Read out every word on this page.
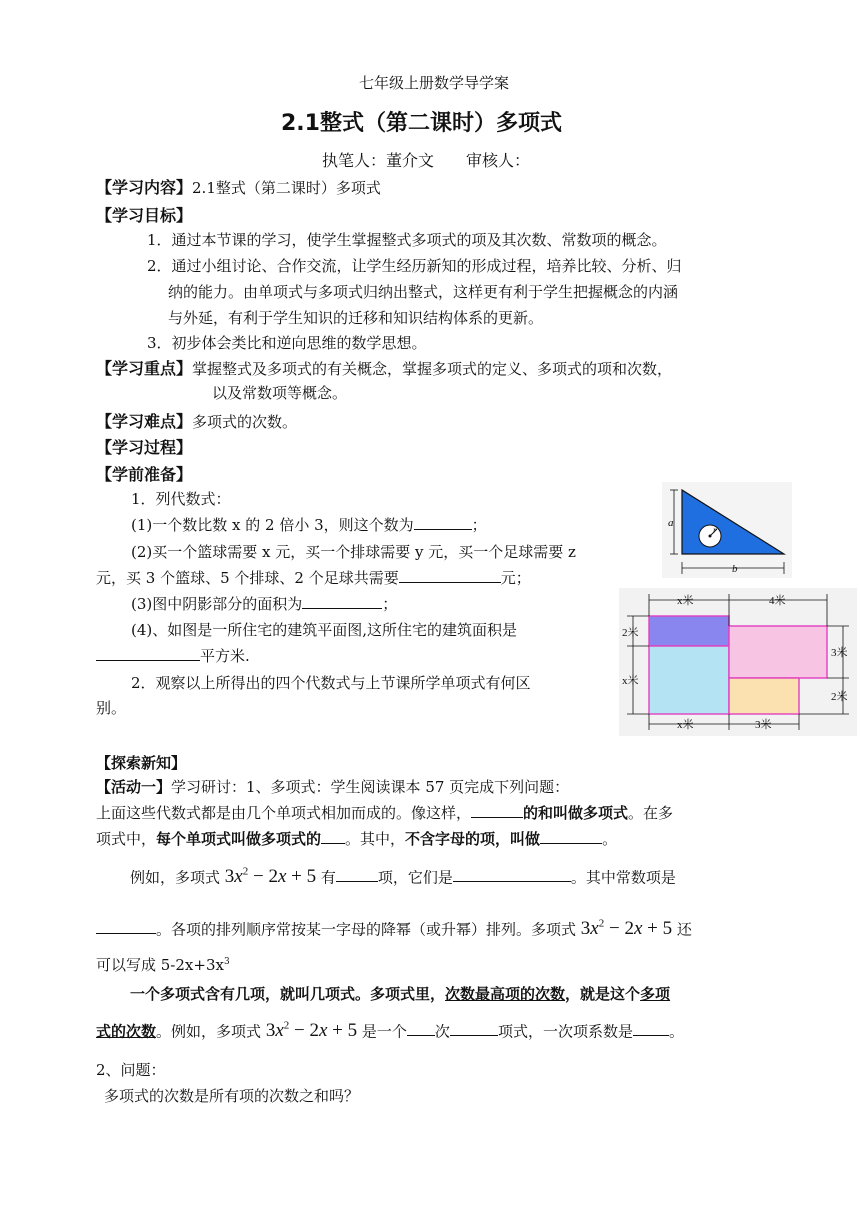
七年级上册数学导学案
2.1整式（第二课时）多项式
执笔人：董介文　　审核人：
【学习内容】2.1整式（第二课时）多项式
【学习目标】
1．通过本节课的学习，使学生掌握整式多项式的项及其次数、常数项的概念。
2．通过小组讨论、合作交流，让学生经历新知的形成过程，培养比较、分析、归
纳的能力。由单项式与多项式归纳出整式，这样更有利于学生把握概念的内涵
与外延，有利于学生知识的迁移和知识结构体系的更新。
3．初步体会类比和逆向思维的数学思想。
【学习重点】掌握整式及多项式的有关概念，掌握多项式的定义、多项式的项和次数，
以及常数项等概念。
【学习难点】多项式的次数。
【学习过程】
【学前准备】
1．列代数式：
(1)一个数比数 x 的 2 倍小 3，则这个数为	；
(2)买一个篮球需要 x 元，买一个排球需要 y 元，买一个足球需要 z
元，买 3 个篮球、5 个排球、2 个足球共需要	元；
(3)图中阴影部分的面积为	；
(4)、如图是一所住宅的建筑平面图,这所住宅的建筑面积是
平方米.
2．观察以上所得出的四个代数式与上节课所学单项式有何区
别。
a
b
r
x米	4米
2米
x米
3米
2米
x米	3米
【探索新知】
【活动一】学习研讨：1、多项式：学生阅读课本 57 页完成下列问题：
上面这些代数式都是由几个单项式相加而成的。像这样，	的和叫做多项式。在多
项式中，每个单项式叫做多项式的 。其中，不含字母的项，叫做	。
例如，多项式 $3x^2 - 2x + 5$ 有	项，它们是	。其中常数项是
。各项的排列顺序常按某一字母的降幂（或升幂）排列。多项式 $3x^2 - 2x + 5$ 还
可以写成 $5-2x+3x^3$
一个多项式含有几项，就叫几项式。多项式里，次数最高项的次数，就是这个多项
式的次数。例如，多项式 $3x^2 - 2x + 5$ 是一个 次	项式，一次项系数是 。
2、问题：
多项式的次数是所有项的次数之和吗？
